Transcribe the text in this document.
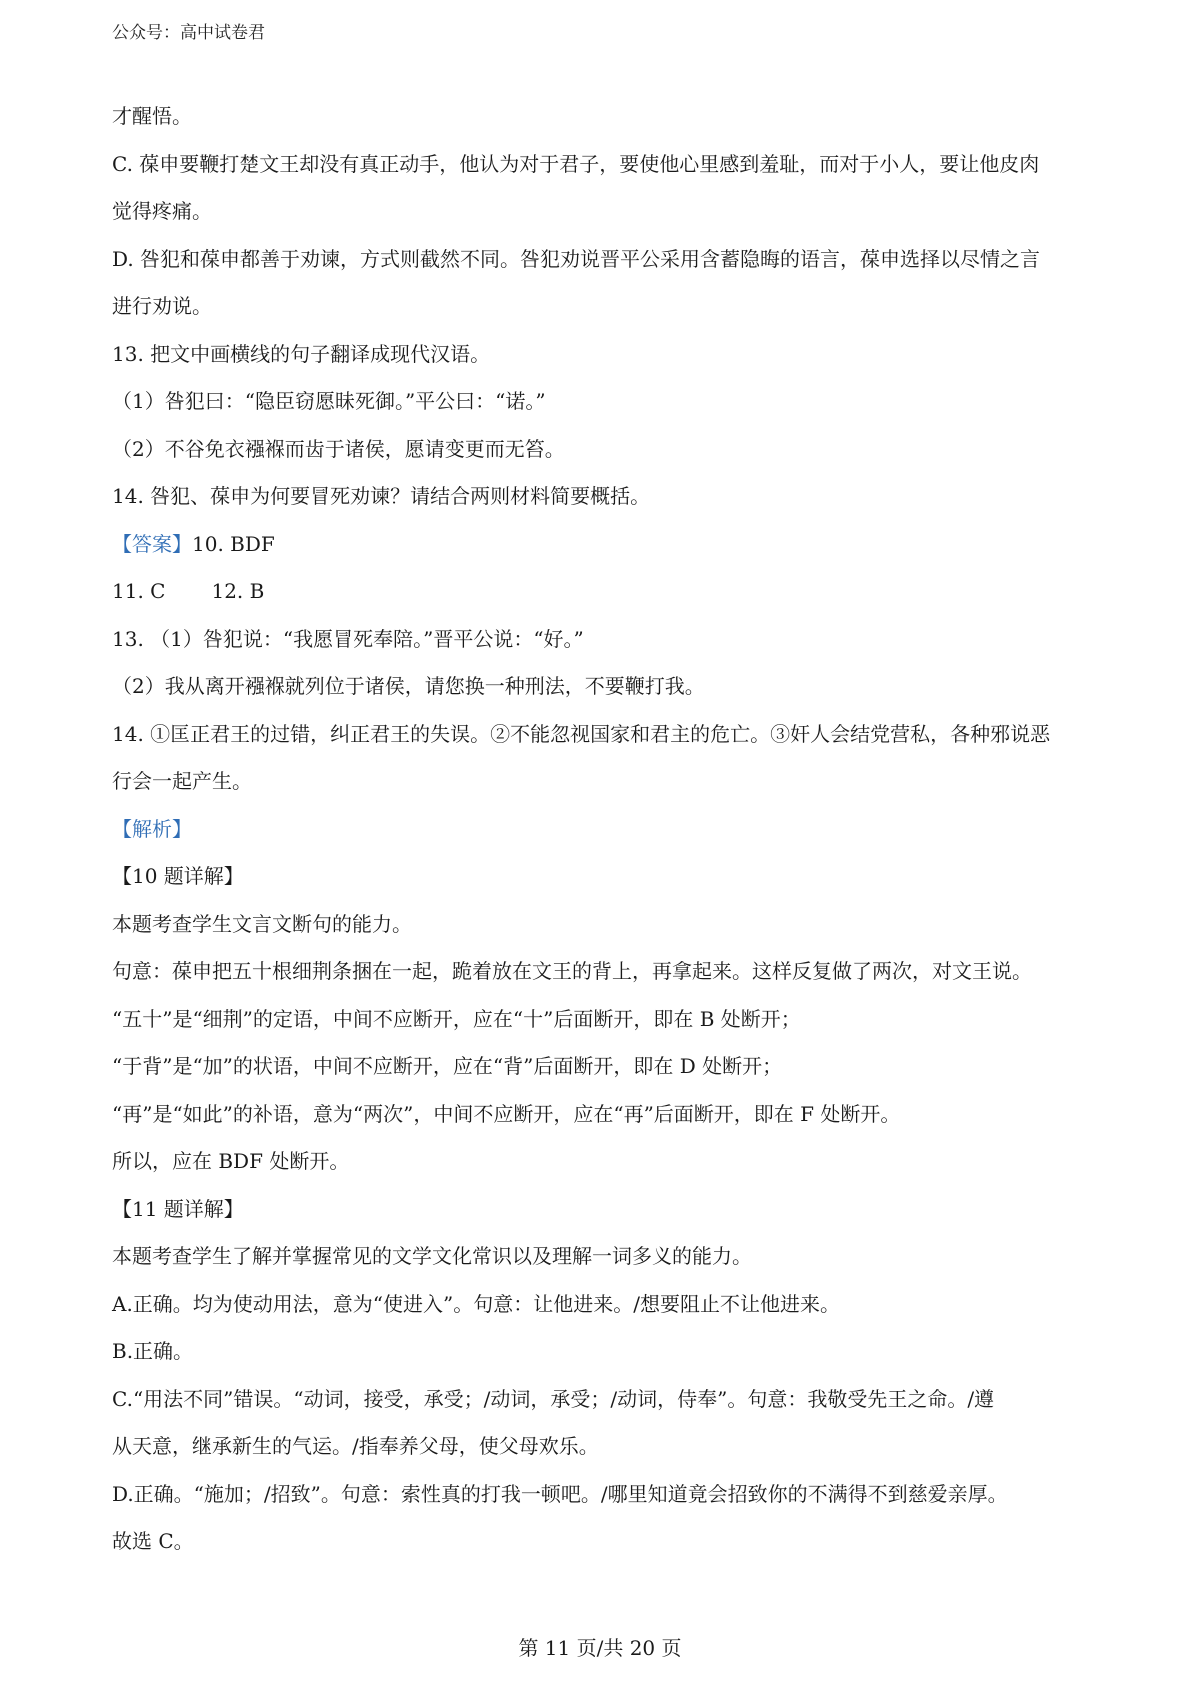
公众号：高中试卷君
才醒悟。
C. 葆申要鞭打楚文王却没有真正动手，他认为对于君子，要使他心里感到羞耻，而对于小人，要让他皮肉
觉得疼痛。
D. 咎犯和葆申都善于劝谏，方式则截然不同。咎犯劝说晋平公采用含蓄隐晦的语言，葆申选择以尽情之言
进行劝说。
13. 把文中画横线的句子翻译成现代汉语。
（1）咎犯曰：“隐臣窃愿昧死御。”平公曰：“诺。”
（2）不谷免衣襁褓而齿于诸侯，愿请变更而无笞。
14. 咎犯、葆申为何要冒死劝谏？请结合两则材料简要概括。
【答案】10. BDF
11. C 12. B
13. （1）咎犯说：“我愿冒死奉陪。”晋平公说：“好。”
（2）我从离开襁褓就列位于诸侯，请您换一种刑法，不要鞭打我。
14. ①匡正君王的过错，纠正君王的失误。②不能忽视国家和君主的危亡。③奸人会结党营私，各种邪说恶
行会一起产生。
【解析】
【10 题详解】
本题考查学生文言文断句的能力。
句意：葆申把五十根细荆条捆在一起，跪着放在文王的背上，再拿起来。这样反复做了两次，对文王说。
“五十”是“细荆”的定语，中间不应断开，应在“十”后面断开，即在 B 处断开；
“于背”是“加”的状语，中间不应断开，应在“背”后面断开，即在 D 处断开；
“再”是“如此”的补语，意为“两次”，中间不应断开，应在“再”后面断开，即在 F 处断开。
所以，应在 BDF 处断开。
【11 题详解】
本题考查学生了解并掌握常见的文学文化常识以及理解一词多义的能力。
A.正确。均为使动用法，意为“使进入”。句意：让他进来。/想要阻止不让他进来。
B.正确。
C.“用法不同”错误。“动词，接受，承受；/动词，承受；/动词，侍奉”。句意：我敬受先王之命。/遵
从天意，继承新生的气运。/指奉养父母，使父母欢乐。
D.正确。“施加；/招致”。句意：索性真的打我一顿吧。/哪里知道竟会招致你的不满得不到慈爱亲厚。
故选 C。
第 11 页/共 20 页
